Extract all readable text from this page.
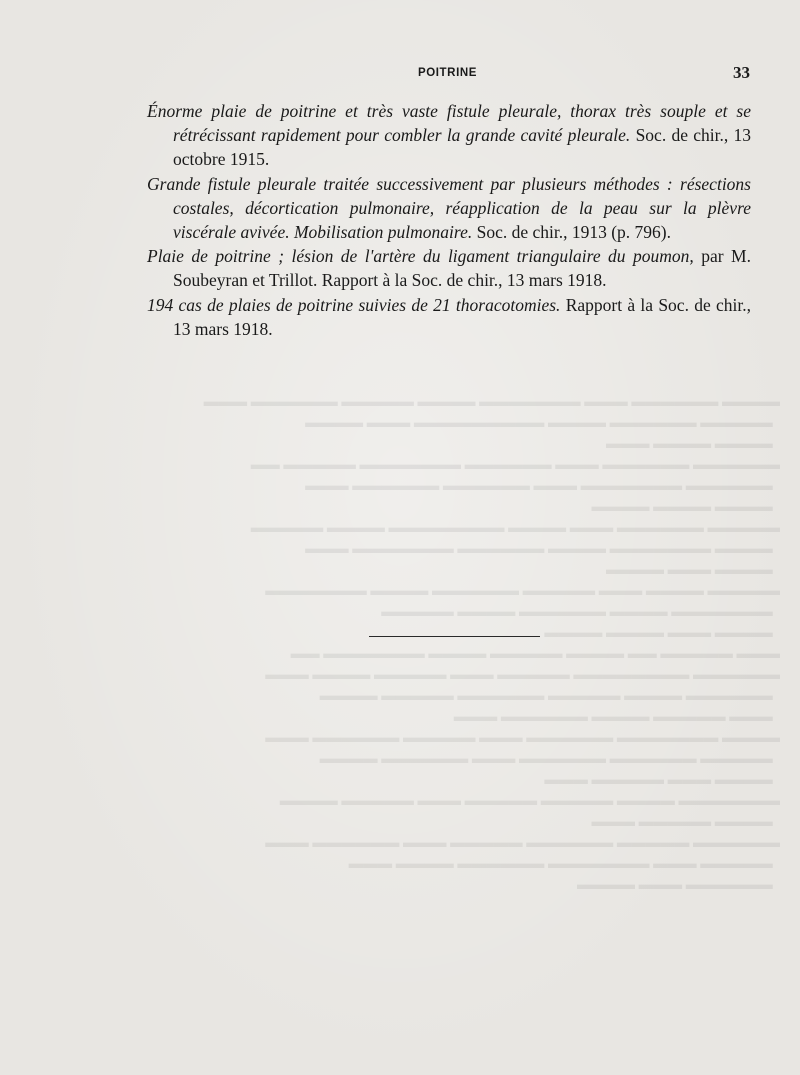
▬▬▬▬ ▬▬▬▬▬▬ ▬▬▬ ▬▬▬▬▬▬▬ ▬▬▬▬ ▬▬▬▬▬ ▬▬▬▬▬▬ ▬▬▬
▬▬▬▬▬ ▬▬▬▬▬▬ ▬▬▬▬ ▬▬▬▬▬▬▬▬▬ ▬▬▬ ▬▬▬▬
▬▬▬▬ ▬▬▬▬ ▬▬▬
▬▬▬▬▬▬ ▬▬▬▬▬▬ ▬▬▬ ▬▬▬▬▬▬ ▬▬▬▬▬▬▬ ▬▬▬▬▬ ▬▬
▬▬▬▬▬▬ ▬▬▬▬▬▬▬ ▬▬▬ ▬▬▬▬▬▬ ▬▬▬▬▬▬ ▬▬▬
▬▬▬▬ ▬▬▬▬ ▬▬▬▬
▬▬▬▬▬ ▬▬▬▬▬▬ ▬▬▬ ▬▬▬▬ ▬▬▬▬▬▬▬▬ ▬▬▬▬ ▬▬▬▬▬
▬▬▬▬ ▬▬▬▬▬▬▬ ▬▬▬▬ ▬▬▬▬▬▬ ▬▬▬▬▬▬▬ ▬▬▬
▬▬▬▬ ▬▬▬ ▬▬▬▬
▬▬▬▬▬ ▬▬▬▬ ▬▬▬ ▬▬▬▬▬ ▬▬▬▬▬▬ ▬▬▬▬ ▬▬▬▬▬▬▬
▬▬▬▬▬▬▬ ▬▬▬▬ ▬▬▬▬▬▬ ▬▬▬▬ ▬▬▬▬▬
▬▬▬▬ ▬▬▬ ▬▬▬▬ ▬▬▬▬
▬▬▬ ▬▬▬▬▬ ▬▬ ▬▬▬▬ ▬▬▬▬▬ ▬▬▬▬ ▬▬▬▬▬▬▬ ▬▬
▬▬▬▬▬▬ ▬▬▬▬▬▬▬▬ ▬▬▬▬▬ ▬▬▬ ▬▬▬▬▬ ▬▬▬▬ ▬▬▬
▬▬▬▬▬▬ ▬▬▬▬ ▬▬▬▬▬ ▬▬▬▬▬▬ ▬▬▬▬▬ ▬▬▬▬
▬▬▬ ▬▬▬▬▬ ▬▬▬▬ ▬▬▬▬▬▬ ▬▬▬
▬▬▬▬ ▬▬▬▬▬▬▬ ▬▬▬▬▬▬ ▬▬▬ ▬▬▬▬▬ ▬▬▬▬▬▬ ▬▬▬
▬▬▬▬▬ ▬▬▬▬▬▬ ▬▬▬▬▬▬ ▬▬▬ ▬▬▬▬▬▬ ▬▬▬▬
▬▬▬▬ ▬▬▬ ▬▬▬▬▬ ▬▬▬
▬▬▬▬▬▬▬ ▬▬▬▬ ▬▬▬▬▬ ▬▬▬▬▬ ▬▬▬ ▬▬▬▬▬ ▬▬▬▬
▬▬▬▬ ▬▬▬▬▬ ▬▬▬
▬▬▬▬▬▬ ▬▬▬▬▬ ▬▬▬▬▬▬ ▬▬▬▬▬ ▬▬▬ ▬▬▬▬▬▬ ▬▬▬
▬▬▬▬▬ ▬▬▬ ▬▬▬▬▬▬▬ ▬▬▬▬▬▬ ▬▬▬▬ ▬▬▬
▬▬▬▬▬▬ ▬▬▬ ▬▬▬▬
POITRINE	33

Énorme plaie de poitrine et très vaste fistule pleurale, thorax très souple et se rétrécissant rapidement pour combler la grande cavité pleurale. Soc. de chir., 13 octobre 1915.

Grande fistule pleurale traitée successivement par plusieurs méthodes : résections costales, décortication pulmonaire, réapplication de la peau sur la plèvre viscérale avivée. Mobilisation pulmonaire. Soc. de chir., 1913 (p. 796).

Plaie de poitrine ; lésion de l'artère du ligament triangulaire du poumon, par M. Soubeyran et Trillot. Rapport à la Soc. de chir., 13 mars 1918.

194 cas de plaies de poitrine suivies de 21 thoracotomies. Rapport à la Soc. de chir., 13 mars 1918.
